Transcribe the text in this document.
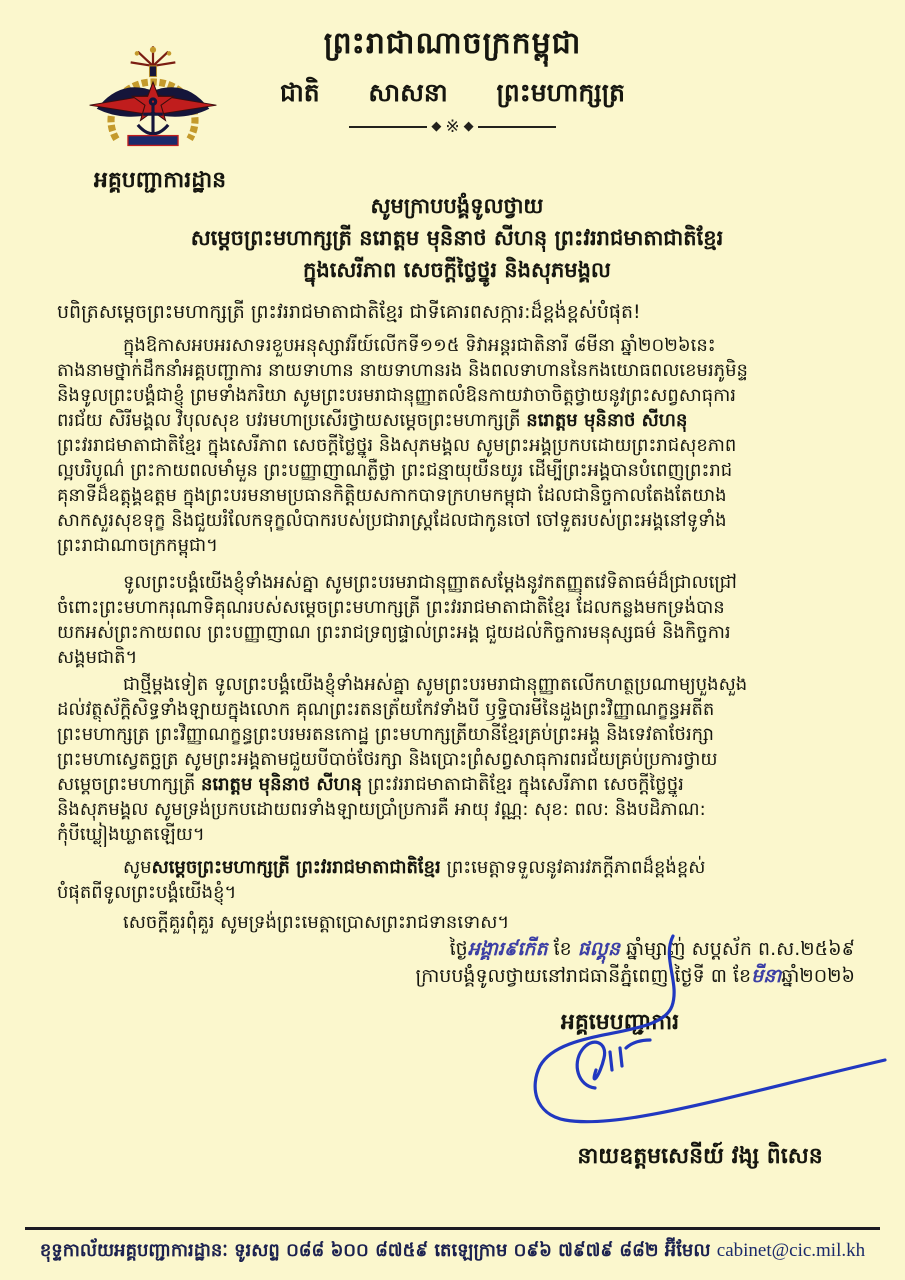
ព្រះរាជាណាចក្រកម្ពុជា
ជាតិ សាសនា ព្រះមហាក្សត្រ
◆ ※ ◆
អគ្គបញ្ជាការដ្ឋាន
សូមក្រាបបង្គំទូលថ្វាយ
សម្តេចព្រះមហាក្សត្រី នរោត្តម មុនិនាថ សីហនុ ព្រះវររាជមាតាជាតិខ្មែរ
ក្នុងសេរីភាព សេចក្តីថ្លៃថ្នូរ និងសុភមង្គល
បពិត្រសម្តេចព្រះមហាក្សត្រី ព្រះវររាជមាតាជាតិខ្មែរ ជាទីគោរពសក្ការ:ដ៏ខ្ពង់ខ្ពស់បំផុត!
ក្នុងឱកាសអបអរសាទរខួបអនុស្សាវរីយ៍លើកទី១១៥ ទិវាអន្តរជាតិនារី ៨មីនា ឆ្នាំ២០២៦នេះ
តាងនាមថ្នាក់ដឹកនាំអគ្គបញ្ជាការ នាយទាហាន នាយទាហានរង និងពលទាហាននៃកងយោធពលខេមរភូមិន្ទ
និងទូលព្រះបង្គំជាខ្ញុំ ព្រមទាំងភរិយា សូមព្រះបរមរាជានុញ្ញាតលំឱនកាយវាចាចិត្តថ្វាយនូវព្រះសព្វសាធុការ
ពរជ័យ សិរីមង្គល វិបុលសុខ បវរមហាប្រសើរថ្វាយសម្តេចព្រះមហាក្សត្រី នរោត្តម មុនិនាថ សីហនុ
ព្រះវររាជមាតាជាតិខ្មែរ ក្នុងសេរីភាព សេចក្តីថ្លៃថ្នូរ និងសុភមង្គល សូមព្រះអង្គប្រកបដោយព្រះរាជសុខភាព
ល្អបរិបូណ៌ ព្រះកាយពលមាំមួន ព្រះបញ្ញាញាណភ្លឺថ្លា ព្រះជន្មាយុយឺនយូរ ដើម្បីព្រះអង្គបានបំពេញព្រះរាជ
គុនាទីដ៏ឧត្តុង្គឧត្តម ក្នុងព្រះបរមនាមប្រធានកិត្តិយសកាកបាទក្រហមកម្ពុជា ដែលជានិច្ចកាលតែងតែយាង
សាកសួរសុខទុក្ខ និងជួយរំលែកទុក្ខលំបាករបស់ប្រជារាស្ត្រដែលជាកូនចៅ ចៅទួតរបស់ព្រះអង្គនៅទូទាំង
ព្រះរាជាណាចក្រកម្ពុជា។
ទូលព្រះបង្គំយើងខ្ញុំទាំងអស់គ្នា សូមព្រះបរមរាជានុញ្ញាតសម្តែងនូវកតញ្ញុតវេទិតាធម៌ដ៏ជ្រាលជ្រៅ
ចំពោះព្រះមហាករុណាទិគុណរបស់សម្តេចព្រះមហាក្សត្រី ព្រះវររាជមាតាជាតិខ្មែរ ដែលកន្លងមកទ្រង់បាន
យកអស់ព្រះកាយពល ព្រះបញ្ញាញាណ ព្រះរាជទ្រព្យផ្ទាល់ព្រះអង្គ ជួយដល់កិច្ចការមនុស្សធម៌ និងកិច្ចការ
សង្គមជាតិ។
ជាថ្មីម្តងទៀត ទូលព្រះបង្គំយើងខ្ញុំទាំងអស់គ្នា សូមព្រះបរមរាជានុញ្ញាតលើកហត្ថប្រណាម្យបួងសួង
ដល់វត្ថុស័ក្តិសិទ្ធទាំងឡាយក្នុងលោក គុណព្រះរតនត្រ័យកែវទាំងបី ឫទ្ធិបារមីនៃដួងព្រះវិញ្ញាណក្ខន្ធអតីត
ព្រះមហាក្សត្រ ព្រះវិញ្ញាណក្ខន្ធព្រះបរមរតនកោដ្ឋ ព្រះមហាក្សត្រីយានីខ្មែរគ្រប់ព្រះអង្គ និងទេវតាថែរក្សា
ព្រះមហាស្វេតច្ឆត្រ សូមព្រះអង្គតាមជួយបីបាច់ថែរក្សា និងប្រោះព្រំសព្វសាធុការពរជ័យគ្រប់ប្រការថ្វាយ
សម្តេចព្រះមហាក្សត្រី នរោត្តម មុនិនាថ សីហនុ ព្រះវររាជមាតាជាតិខ្មែរ ក្នុងសេរីភាព សេចក្តីថ្លៃថ្នូរ
និងសុភមង្គល សូមទ្រង់ប្រកបដោយពរទាំងឡាយប្រាំប្រការគឺ អាយុ វណ្ណ: សុខ: ពល: និងបដិភាណ:
កុំបីឃ្លៀងឃ្លាតឡើយ។
សូមសម្តេចព្រះមហាក្សត្រី ព្រះវររាជមាតាជាតិខ្មែរ ព្រះមេត្តាទទួលនូវគារវភក្តីភាពដ៏ខ្ពង់ខ្ពស់
បំផុតពីទូលព្រះបង្គំយើងខ្ញុំ។
សេចក្តីគួរពុំគួរ សូមទ្រង់ព្រះមេត្តាប្រោសព្រះរាជទានទោស។
ថ្ងៃអង្គារ៩កើត ខែ ផល្គុន ឆ្នាំម្សាញ់ សប្តស័ក ព.ស.២៥៦៩
ក្រាបបង្គំទូលថ្វាយនៅរាជធានីភ្នំពេញ ថ្ងៃទី ៣ ខែមីនាឆ្នាំ២០២៦
អគ្គមេបញ្ជាការ
នាយឧត្តមសេនីយ៍ វង្ស ពិសេន
ខុទ្ទកាល័យអគ្គបញ្ជាការដ្ឋានៈ ទូរសព្ទ ០៨៨ ៦០០ ៨៧៥៩ តេឡេក្រាម ០៩៦ ៧៩៧៩ ៨៨២ អ៊ីមែល cabinet@cic.mil.kh
